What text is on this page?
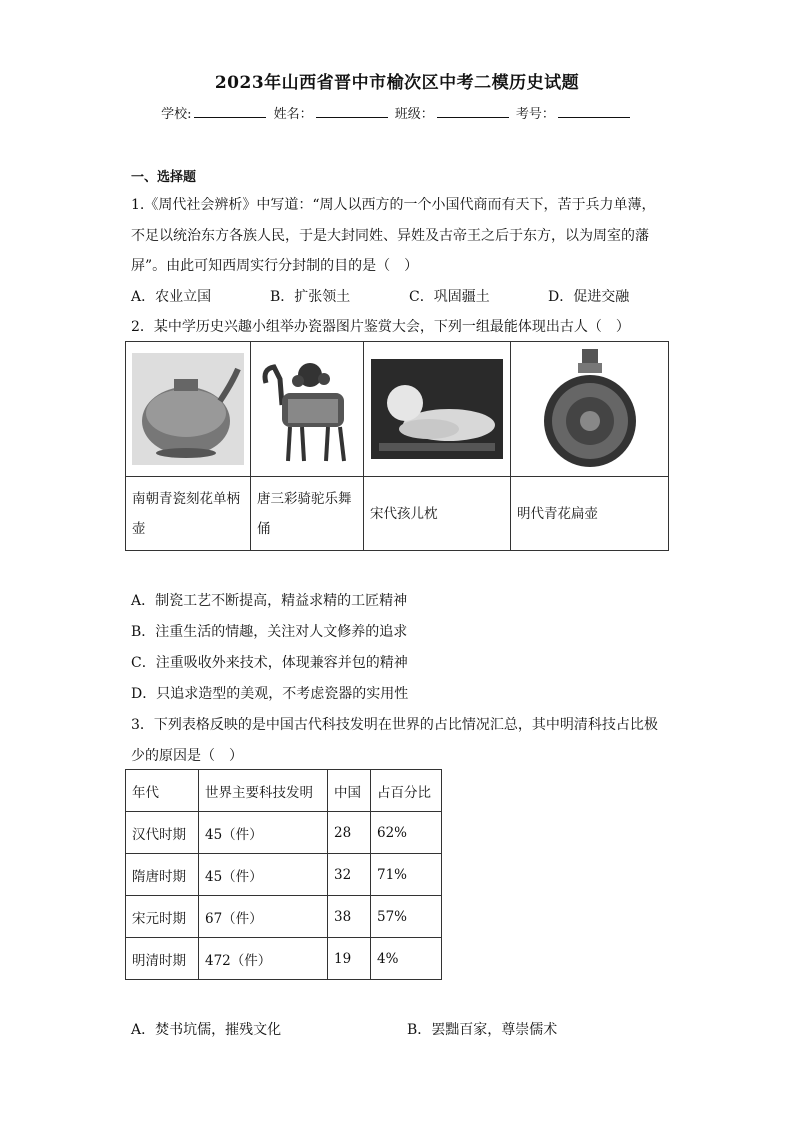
2023年山西省晋中市榆次区中考二模历史试题
学校:	姓名：	班级：	考号：
一、选择题
1.《周代社会辨析》中写道：“周人以西方的一个小国代商而有天下，苦于兵力单薄，
不足以统治东方各族人民，于是大封同姓、异姓及古帝王之后于东方，以为周室的藩
屏”。由此可知西周实行分封制的目的是（　）
A．农业立国	B．扩张领土	C．巩固疆土	D．促进交融
2．某中学历史兴趣小组举办瓷器图片鉴赏大会，下列一组最能体现出古人（　）

南朝青瓷刻花单柄壶	唐三彩骑驼乐舞俑	宋代孩儿枕	明代青花扁壶
A．制瓷工艺不断提高，精益求精的工匠精神
B．注重生活的情趣，关注对人文修养的追求
C．注重吸收外来技术，体现兼容并包的精神
D．只追求造型的美观，不考虑瓷器的实用性
3．下列表格反映的是中国古代科技发明在世界的占比情况汇总，其中明清科技占比极
少的原因是（　）
年代	世界主要科技发明	中国	占百分比
汉代时期	45（件）	28	62%
隋唐时期	45（件）	32	71%
宋元时期	67（件）	38	57%
明清时期	472（件）	19	4%
A．焚书坑儒，摧残文化	B．罢黜百家，尊崇儒术
